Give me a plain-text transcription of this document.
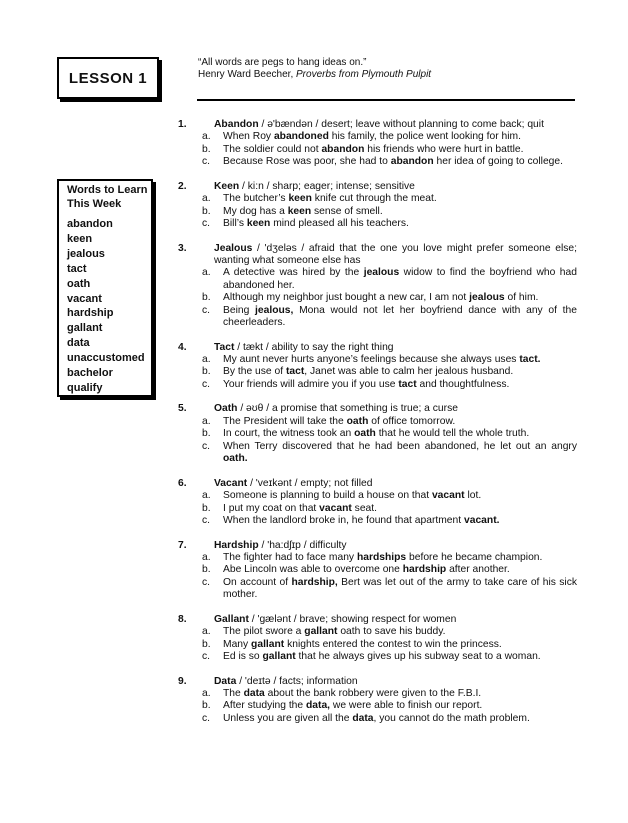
LESSON 1
“All words are pegs to hang ideas on.”
Henry Ward Beecher, Proverbs from Plymouth Pulpit
Words to Learn
This Week
abandon
keen
jealous
tact
oath
vacant
hardship
gallant
data
unaccustomed
bachelor
qualify
1.	Abandon / ə'bændən / desert; leave without planning to come back; quit
a.	When Roy abandoned his family, the police went looking for him.
b.	The soldier could not abandon his friends who were hurt in battle.
c.	Because Rose was poor, she had to abandon her idea of going to college.
2.	Keen / ki:n / sharp; eager; intense; sensitive
a.	The butcher’s keen knife cut through the meat.
b.	My dog has a keen sense of smell.
c.	Bill’s keen mind pleased all his teachers.
3.	Jealous / 'dʒeləs / afraid that the one you love might prefer someone else; wanting what someone else has
a.	A detective was hired by the jealous widow to find the boyfriend who had abandoned her.
b.	Although my neighbor just bought a new car, I am not jealous of him.
c.	Being jealous, Mona would not let her boyfriend dance with any of the cheerleaders.
4.	Tact / tækt / ability to say the right thing
a.	My aunt never hurts anyone’s feelings because she always uses tact.
b.	By the use of tact, Janet was able to calm her jealous husband.
c.	Your friends will admire you if you use tact and thoughtfulness.
5.	Oath / əʊθ / a promise that something is true; a curse
a.	The President will take the oath of office tomorrow.
b.	In court, the witness took an oath that he would tell the whole truth.
c.	When Terry discovered that he had been abandoned, he let out an angry oath.
6.	Vacant / 'veɪkənt / empty; not filled
a.	Someone is planning to build a house on that vacant lot.
b.	I put my coat on that vacant seat.
c.	When the landlord broke in, he found that apartment vacant.
7.	Hardship / 'ha:dʃɪp / difficulty
a.	The fighter had to face many hardships before he became champion.
b.	Abe Lincoln was able to overcome one hardship after another.
c.	On account of hardship, Bert was let out of the army to take care of his sick mother.
8.	Gallant / 'gælənt / brave; showing respect for women
a.	The pilot swore a gallant oath to save his buddy.
b.	Many gallant knights entered the contest to win the princess.
c.	Ed is so gallant that he always gives up his subway seat to a woman.
9.	Data / 'deɪtə / facts; information
a.	The data about the bank robbery were given to the F.B.I.
b.	After studying the data, we were able to finish our report.
c.	Unless you are given all the data, you cannot do the math problem.
